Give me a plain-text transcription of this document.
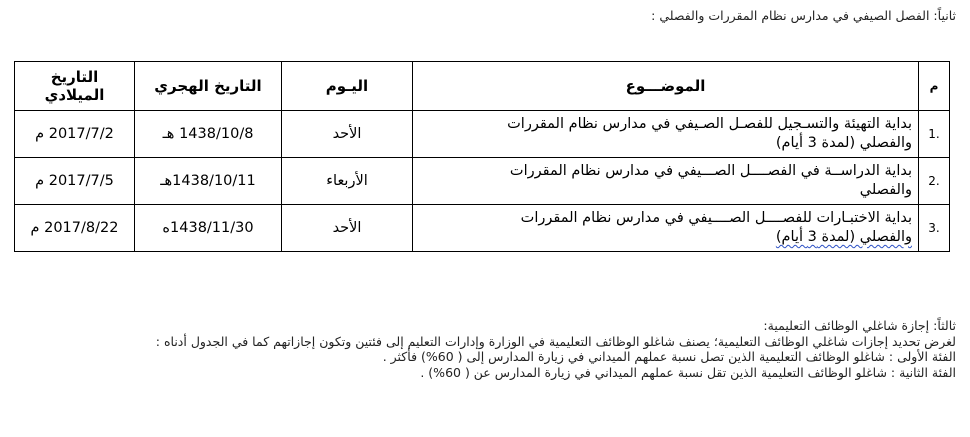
ثانياً: الفصل الصيفي في مدارس نظام المقررات والفصلي :
م	الموضـــوع	اليـوم	التاريخ الهجري	التاريخ الميلادي
.1	بداية التهيئة والتسـجيل للفصـل الصـيفي في مدارس نظام المقررات
والفصلي (لمدة 3 أيام)	الأحد	1438/10/8 هـ	2017/7/2 م
.2	بداية الدراســة في الفصــــل الصـــيفي في مدارس نظام المقررات
والفصلي	الأربعاء	1438/10/11هـ	2017/7/5 م
.3	بداية الاختبـارات للفصــــل الصــــيفي في مدارس نظام المقررات
والفصلي (لمدة 3 أيام)	الأحد	1438/11/30ه	2017/8/22 م

ثالثاً: إجازة شاغلي الوظائف التعليمية:

لغرض تحديد إجازات شاغلي الوظائف التعليمية؛ يصنف شاغلو الوظائف التعليمية في الوزارة وإدارات التعليم إلى فئتين وتكون إجازاتهم كما في الجدول أدناه :

الفئة الأولى : شاغلو الوظائف التعليمية الذين تصل نسبة عملهم الميداني في زيارة المدارس إلى ( 60%) فأكثر .

الفئة الثانية : شاغلو الوظائف التعليمية الذين تقل نسبة عملهم الميداني في زيارة المدارس عن ( 60%) .
